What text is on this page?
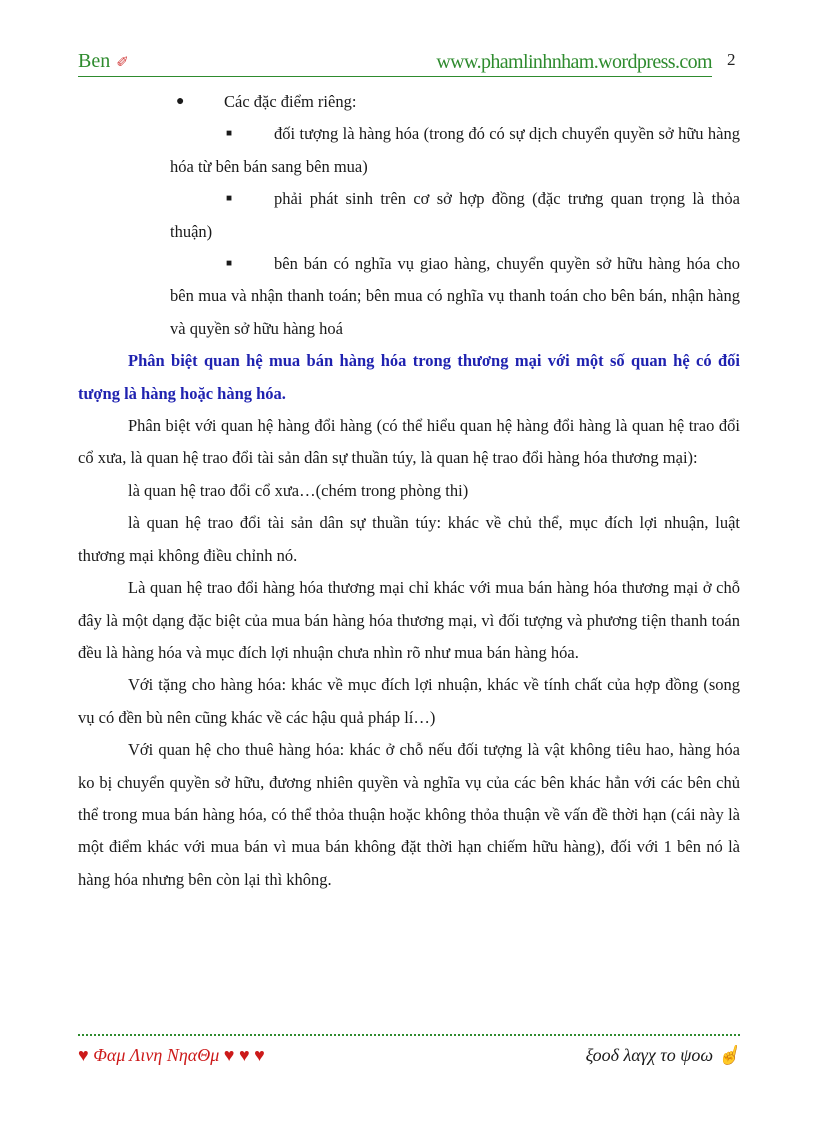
Ben ✐	www.phamlinhnham.wordpress.com 2

● Các đặc điểm riêng:

■	đối tượng là hàng hóa (trong đó có sự dịch chuyển quyền sở hữu hàng hóa từ bên bán sang bên mua)

■	phải phát sinh trên cơ sở hợp đồng (đặc trưng quan trọng là thỏa thuận)

■	bên bán có nghĩa vụ giao hàng, chuyển quyền sở hữu hàng hóa cho bên mua và nhận thanh toán; bên mua có nghĩa vụ thanh toán cho bên bán, nhận hàng và quyền sở hữu hàng hoá

Phân biệt quan hệ mua bán hàng hóa trong thương mại với một số quan hệ có đối tượng là hàng hoặc hàng hóa.

Phân biệt với quan hệ hàng đổi hàng (có thể hiểu quan hệ hàng đổi hàng là quan hệ trao đổi cổ xưa, là quan hệ trao đổi tài sản dân sự thuần túy, là quan hệ trao đổi hàng hóa thương mại):

là quan hệ trao đổi cổ xưa…(chém trong phòng thi)

là quan hệ trao đổi tài sản dân sự thuần túy: khác về chủ thể, mục đích lợi nhuận, luật thương mại không điều chỉnh nó.

Là quan hệ trao đổi hàng hóa thương mại chỉ khác với mua bán hàng hóa thương mại ở chỗ đây là một dạng đặc biệt của mua bán hàng hóa thương mại, vì đối tượng và phương tiện thanh toán đều là hàng hóa và mục đích lợi nhuận chưa nhìn rõ như mua bán hàng hóa.

Với tặng cho hàng hóa: khác về mục đích lợi nhuận, khác về tính chất của hợp đồng (song vụ có đền bù nên cũng khác về các hậu quả pháp lí…)

Với quan hệ cho thuê hàng hóa: khác ở chỗ nếu đối tượng là vật không tiêu hao, hàng hóa ko bị chuyển quyền sở hữu, đương nhiên quyền và nghĩa vụ của các bên khác hẳn với các bên chủ thể trong mua bán hàng hóa, có thể thỏa thuận hoặc không thỏa thuận về vấn đề thời hạn (cái này là một điểm khác với mua bán vì mua bán không đặt thời hạn chiếm hữu hàng), đối với 1 bên nó là hàng hóa nhưng bên còn lại thì không.

♥ Φαμ Λινη ΝηαΘμ ♥ ♥ ♥	ξοοδ λαγχ το ψοω ☝
